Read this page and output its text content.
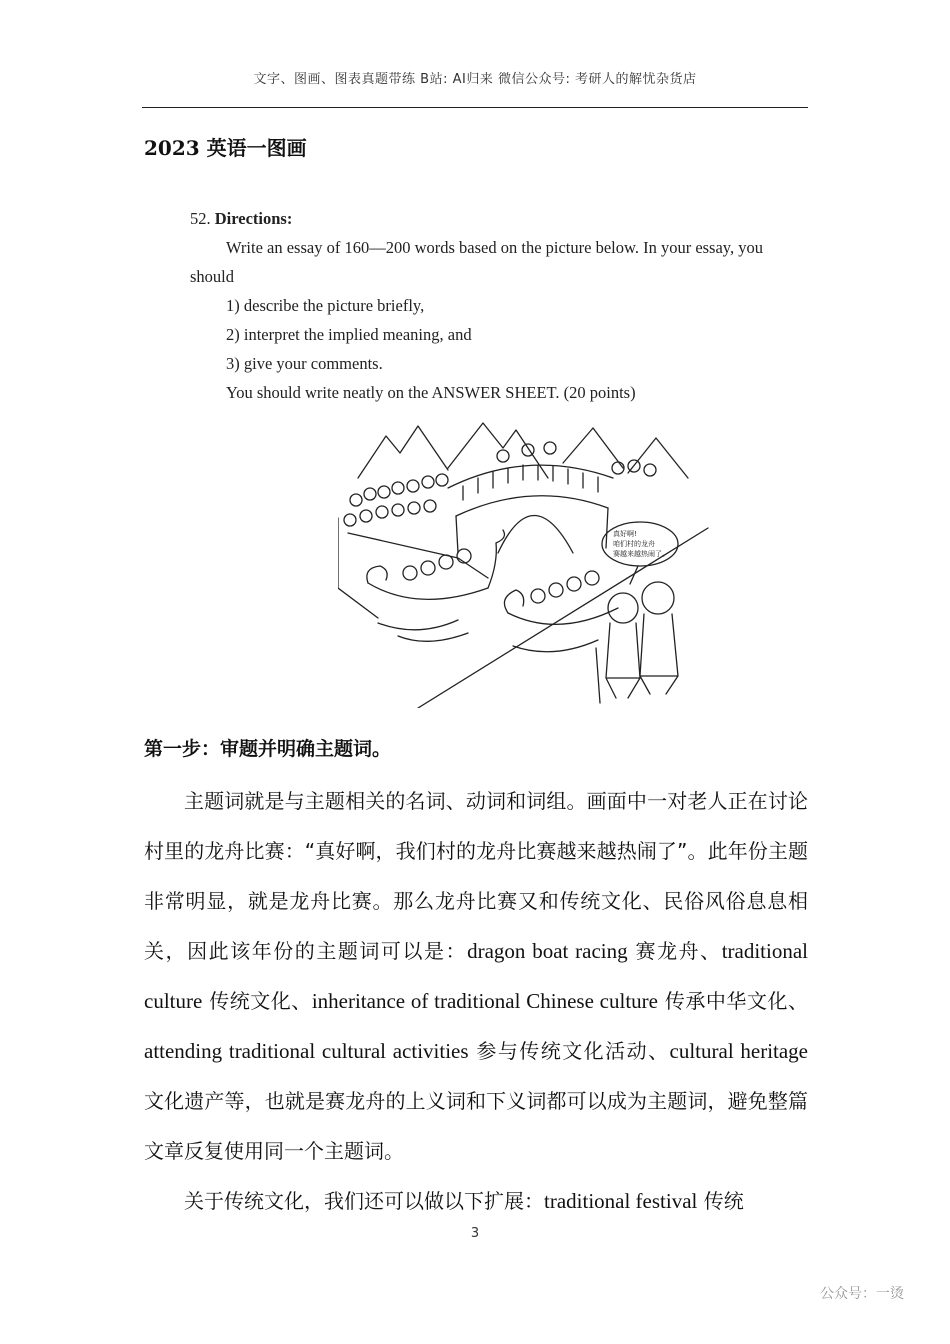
文字、图画、图表真题带练 B站: AI归来 微信公众号: 考研人的解忧杂货店
2023 英语一图画
52. Directions:
Write an essay of 160—200 words based on the picture below. In your essay, you
should
1) describe the picture briefly,
2) interpret the implied meaning, and
3) give your comments.
You should write neatly on the ANSWER SHEET. (20 points)
真好啊!
咱们村的龙舟
赛越来越热闹了。
第一步：审题并明确主题词。

主题词就是与主题相关的名词、动词和词组。画面中一对老人正在讨论村里的龙舟比赛：“真好啊，我们村的龙舟比赛越来越热闹了”。此年份主题非常明显，就是龙舟比赛。那么龙舟比赛又和传统文化、民俗风俗息息相关，因此该年份的主题词可以是：dragon boat racing 赛龙舟、traditional culture 传统文化、inheritance of traditional Chinese culture 传承中华文化、attending traditional cultural activities 参与传统文化活动、cultural heritage 文化遗产等，也就是赛龙舟的上义词和下义词都可以成为主题词，避免整篇文章反复使用同一个主题词。

关于传统文化，我们还可以做以下扩展：traditional festival 传统

3
公众号：一烫
